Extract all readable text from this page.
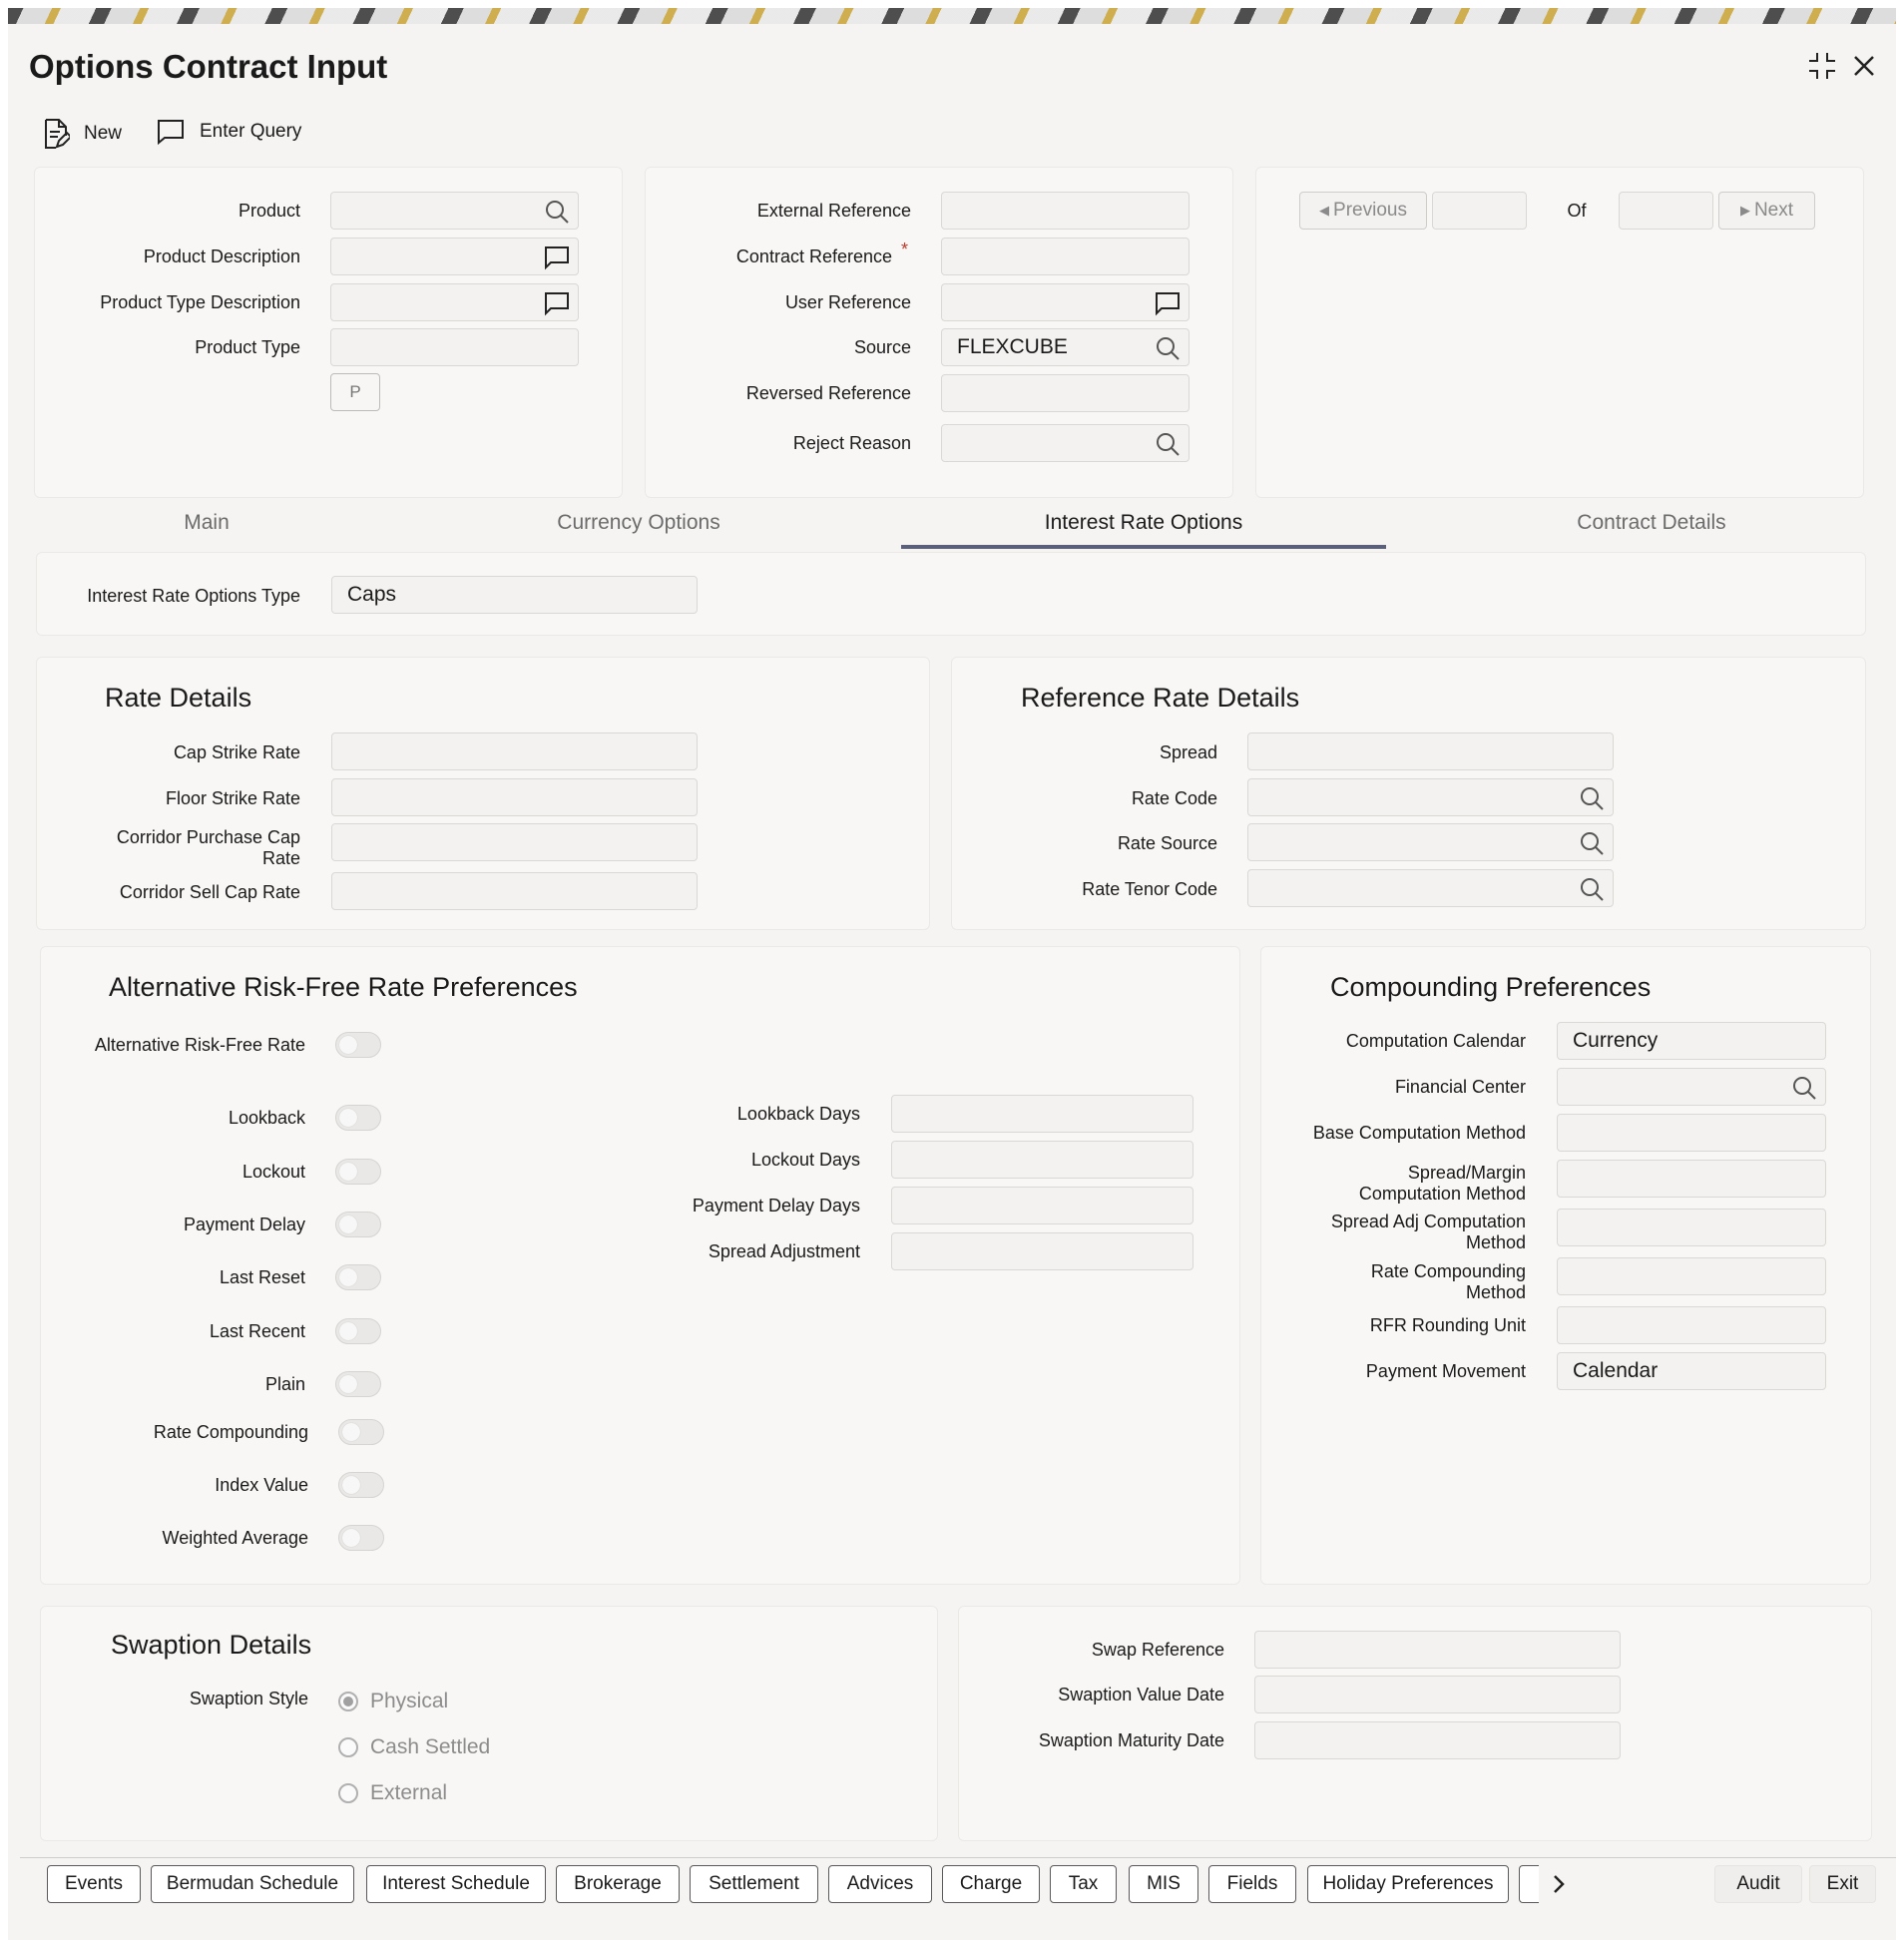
Options Contract Input
New	Enter Query
Product
Product Description
Product Type Description
Product Type
P
External Reference
Contract Reference *
User Reference
Source FLEXCUBE
Reversed Reference
Reject Reason
◀ Previous	Of	▶ Next
Main	Currency Options	Interest Rate Options	Contract Details
Interest Rate Options Type Caps
Rate Details
Cap Strike Rate
Floor Strike Rate
Corridor Purchase Cap
Rate
Corridor Sell Cap Rate
Reference Rate Details
Spread
Rate Code
Rate Source
Rate Tenor Code
Alternative Risk-Free Rate Preferences
Alternative Risk-Free Rate
Lookback
Lockout
Payment Delay
Last Reset
Last Recent
Plain
Rate Compounding
Index Value
Weighted Average
Lookback Days
Lockout Days
Payment Delay Days
Spread Adjustment
Compounding Preferences
Computation Calendar Currency
Financial Center
Base Computation Method
Spread/Margin
Computation Method
Spread Adj Computation
Method
Rate Compounding
Method
RFR Rounding Unit
Payment Movement Calendar
Swaption Details
Swaption Style	Physical
Cash Settled
External
Swap Reference
Swaption Value Date
Swaption Maturity Date
Events	Bermudan Schedule	Interest Schedule	Brokerage	Settlement	Advices	Charge	Tax	MIS	Fields	Holiday Preferences	Audit	Exit
